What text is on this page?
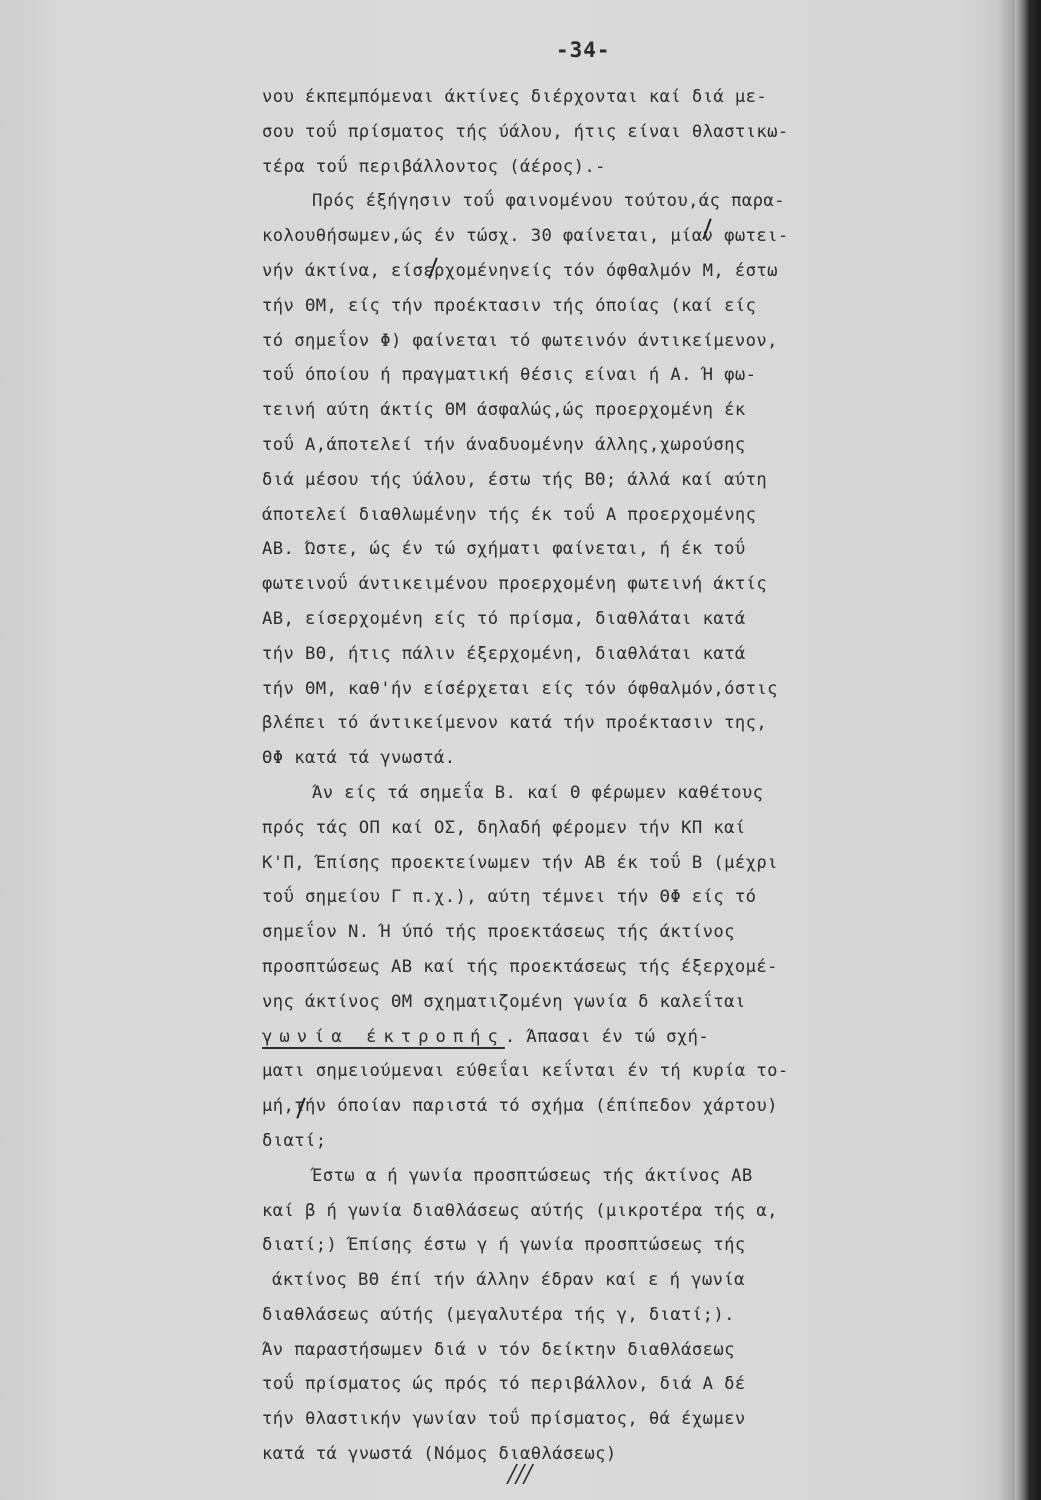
-34-
νου έκπεμπόμεναι άκτίνες διέρχονται καί διά με-
σου τοΰ πρίσματος τής ύάλου, ήτις είναι θλαστικω-
τέρα τοΰ περιβάλλοντος (άέρος).-
Πρός έξήγησιν τοΰ φαινομένου τούτου,άς παρα-
κολουθήσωμεν,ώς έν τώσχ. 30 φαίνεται, μίαν φωτει-
νήν άκτίνα, είσερχομένηνείς τόν όφθαλμόν Μ, έστω
τήν ΘΜ, είς τήν προέκτασιν τής όποίας (καί είς
τό σημεΐον Φ) φαίνεται τό φωτεινόν άντικείμενον,
τοΰ όποίου ή πραγματική θέσις είναι ή Α. Ή φω-
τεινή αύτη άκτίς ΘΜ άσφαλώς,ώς προερχομένη έκ
τοΰ Α,άποτελεί τήν άναδυομένην άλλης,χωρούσης
διά μέσου τής ύάλου, έστω τής ΒΘ; άλλά καί αύτη
άποτελεί διαθλωμένην τής έκ τοΰ Α προερχομένης
ΑΒ. Ώστε, ώς έν τώ σχήματι φαίνεται, ή έκ τοΰ
φωτεινοΰ άντικειμένου προερχομένη φωτεινή άκτίς
ΑΒ, είσερχομένη είς τό πρίσμα, διαθλάται κατά
τήν ΒΘ, ήτις πάλιν έξερχομένη, διαθλάται κατά
τήν ΘΜ, καθ'ήν είσέρχεται είς τόν όφθαλμόν,όστις
βλέπει τό άντικείμενον κατά τήν προέκτασιν της,
ΘΦ κατά τά γνωστά.
Άν είς τά σημεΐα Β. καί Θ φέρωμεν καθέτους
πρός τάς ΟΠ καί ΟΣ, δηλαδή φέρομεν τήν ΚΠ καί
Κ'Π, Έπίσης προεκτείνωμεν τήν ΑΒ έκ τοΰ Β (μέχρι
τοΰ σημείου Γ π.χ.), αύτη τέμνει τήν ΘΦ είς τό
σημεΐον Ν. Ή ύπό τής προεκτάσεως τής άκτίνος
προσπτώσεως ΑΒ καί τής προεκτάσεως τής έξερχομέ-
νης άκτίνος ΘΜ σχηματιζομένη γωνία δ καλεΐται
γωνία έκτροπής. Άπασαι έν τώ σχή-
ματι σημειούμεναι εύθεΐαι κεΐνται έν τή κυρία το-
μή,τήν όποίαν παριστά τό σχήμα (έπίπεδον χάρτου)
διατί;
Έστω α ή γωνία προσπτώσεως τής άκτίνος ΑΒ
καί β ή γωνία διαθλάσεως αύτής (μικροτέρα τής α,
διατί;) Έπίσης έστω γ ή γωνία προσπτώσεως τής
άκτίνος ΒΘ έπί τήν άλλην έδραν καί ε ή γωνία
διαθλάσεως αύτής (μεγαλυτέρα τής γ, διατί;).
Άν παραστήσωμεν διά ν τόν δείκτην διαθλάσεως
τοΰ πρίσματος ώς πρός τό περιβάλλον, διά Α δέ
τήν θλαστικήν γωνίαν τοΰ πρίσματος, θά έχωμεν
κατά τά γνωστά (Νόμος διαθλάσεως)
///
